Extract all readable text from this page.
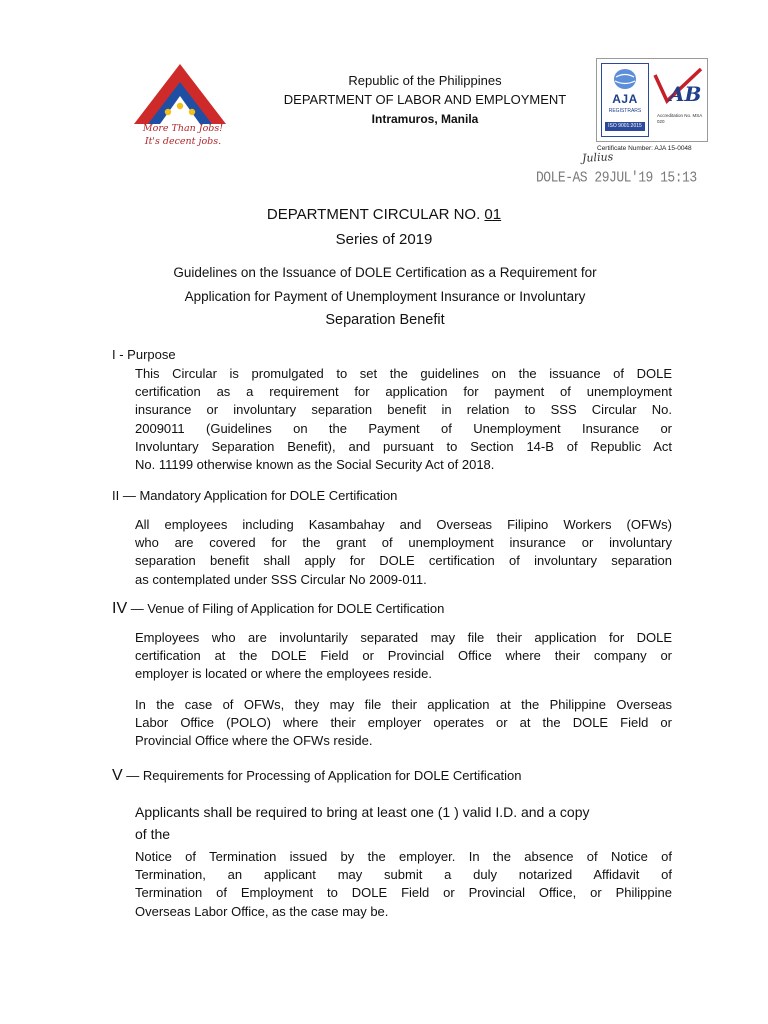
More Than Jobs!
It's decent jobs.
Republic of the Philippines
DEPARTMENT OF LABOR AND EMPLOYMENT
Intramuros, Manila
AJA
REGISTRARS
ISO 9001:2015
AB
Accreditation No. MSA 020
Certificate Number: AJA 15-0048
Julius
DOLE-AS 29JUL'19 15:13
DEPARTMENT CIRCULAR NO. 01
Series of 2019
Guidelines on the Issuance of DOLE Certification as a Requirement for
Application for Payment of Unemployment Insurance or Involuntary
Separation Benefit
I - Purpose
This Circular is promulgated to set the guidelines on the issuance of DOLE
certification as a requirement for application for payment of unemployment
insurance or involuntary separation benefit in relation to SSS Circular No.
2009011 (Guidelines on the Payment of Unemployment Insurance or
Involuntary Separation Benefit), and pursuant to Section 14-B of Republic Act
No. 11199 otherwise known as the Social Security Act of 2018.
II — Mandatory Application for DOLE Certification
All employees including Kasambahay and Overseas Filipino Workers (OFWs)
who are covered for the grant of unemployment insurance or involuntary
separation benefit shall apply for DOLE certification of involuntary separation
as contemplated under SSS Circular No 2009-011.
IV — Venue of Filing of Application for DOLE Certification
Employees who are involuntarily separated may file their application for DOLE
certification at the DOLE Field or Provincial Office where their company or
employer is located or where the employees reside.
In the case of OFWs, they may file their application at the Philippine Overseas
Labor Office (POLO) where their employer operates or at the DOLE Field or
Provincial Office where the OFWs reside.
V — Requirements for Processing of Application for DOLE Certification
Applicants shall be required to bring at least one (1 ) valid I.D. and a copy
of the
Notice of Termination issued by the employer. In the absence of Notice of
Termination, an applicant may submit a duly notarized Affidavit of
Termination of Employment to DOLE Field or Provincial Office, or Philippine
Overseas Labor Office, as the case may be.
